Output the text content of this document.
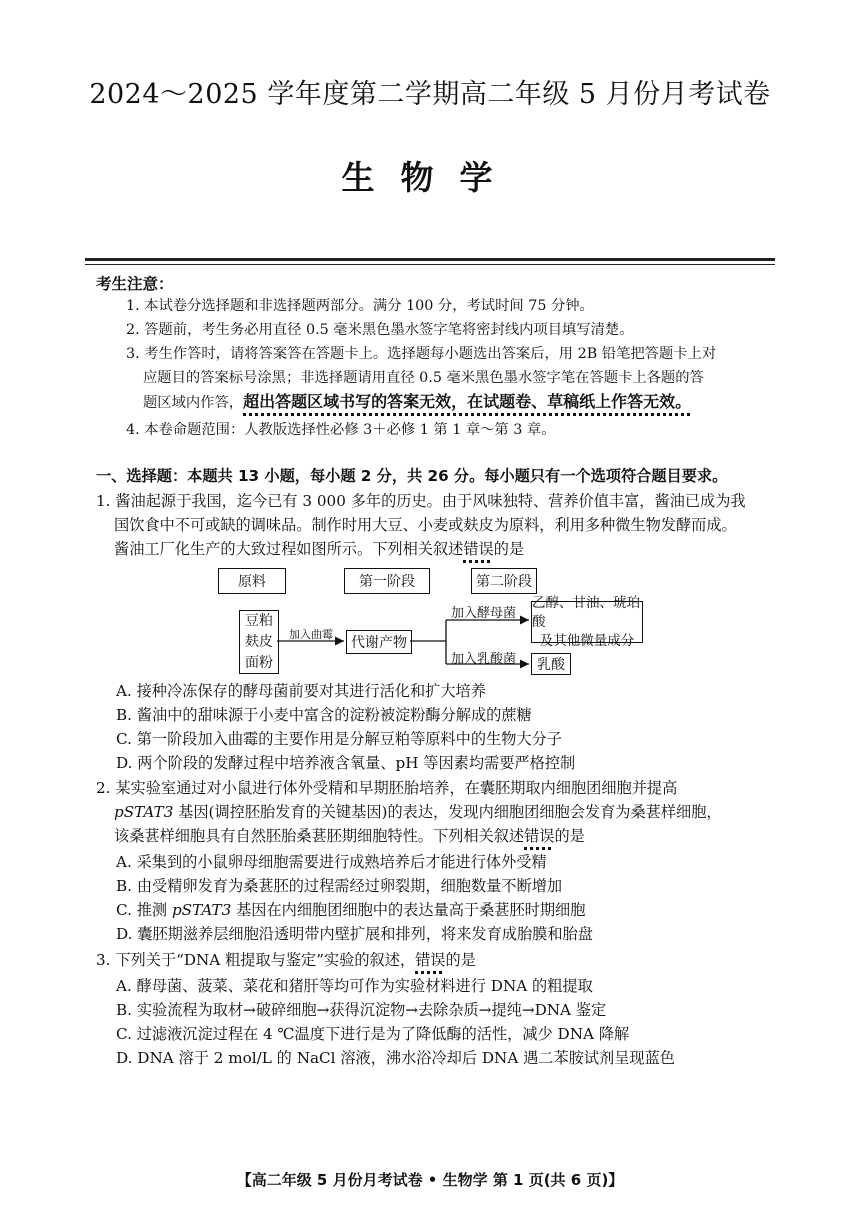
2024～2025 学年度第二学期高二年级 5 月份月考试卷
生物学
考生注意：
1. 本试卷分选择题和非选择题两部分。满分 100 分，考试时间 75 分钟。
2. 答题前，考生务必用直径 0.5 毫米黑色墨水签字笔将密封线内项目填写清楚。
3. 考生作答时，请将答案答在答题卡上。选择题每小题选出答案后，用 2B 铅笔把答题卡上对
应题目的答案标号涂黑；非选择题请用直径 0.5 毫米黑色墨水签字笔在答题卡上各题的答
题区域内作答，超出答题区域书写的答案无效，在试题卷、草稿纸上作答无效。
4. 本卷命题范围：人教版选择性必修 3＋必修 1 第 1 章～第 3 章。
一、选择题：本题共 13 小题，每小题 2 分，共 26 分。每小题只有一个选项符合题目要求。
1. 酱油起源于我国，迄今已有 3 000 多年的历史。由于风味独特、营养价值丰富，酱油已成为我
国饮食中不可或缺的调味品。制作时用大豆、小麦或麸皮为原料，利用多种微生物发酵而成。
酱油工厂化生产的大致过程如图所示。下列相关叙述错误的是
原料	第一阶段	第二阶段
豆粕
麸皮
面粉
代谢产物
乙醇、甘油、琥珀酸
及其他微量成分
乳酸
加入曲霉
加入酵母菌
加入乳酸菌
A. 接种冷冻保存的酵母菌前要对其进行活化和扩大培养
B. 酱油中的甜味源于小麦中富含的淀粉被淀粉酶分解成的蔗糖
C. 第一阶段加入曲霉的主要作用是分解豆粕等原料中的生物大分子
D. 两个阶段的发酵过程中培养液含氧量、pH 等因素均需要严格控制
2. 某实验室通过对小鼠进行体外受精和早期胚胎培养，在囊胚期取内细胞团细胞并提高
pSTAT3 基因(调控胚胎发育的关键基因)的表达，发现内细胞团细胞会发育为桑葚样细胞，
该桑葚样细胞具有自然胚胎桑葚胚期细胞特性。下列相关叙述错误的是
A. 采集到的小鼠卵母细胞需要进行成熟培养后才能进行体外受精
B. 由受精卵发育为桑葚胚的过程需经过卵裂期，细胞数量不断增加
C. 推测 pSTAT3 基因在内细胞团细胞中的表达量高于桑葚胚时期细胞
D. 囊胚期滋养层细胞沿透明带内壁扩展和排列，将来发育成胎膜和胎盘
3. 下列关于“DNA 粗提取与鉴定”实验的叙述，错误的是
A. 酵母菌、菠菜、菜花和猪肝等均可作为实验材料进行 DNA 的粗提取
B. 实验流程为取材→破碎细胞→获得沉淀物→去除杂质→提纯→DNA 鉴定
C. 过滤液沉淀过程在 4 ℃温度下进行是为了降低酶的活性，减少 DNA 降解
D. DNA 溶于 2 mol/L 的 NaCl 溶液，沸水浴冷却后 DNA 遇二苯胺试剂呈现蓝色
【高二年级 5 月份月考试卷 • 生物学 第 1 页(共 6 页)】
